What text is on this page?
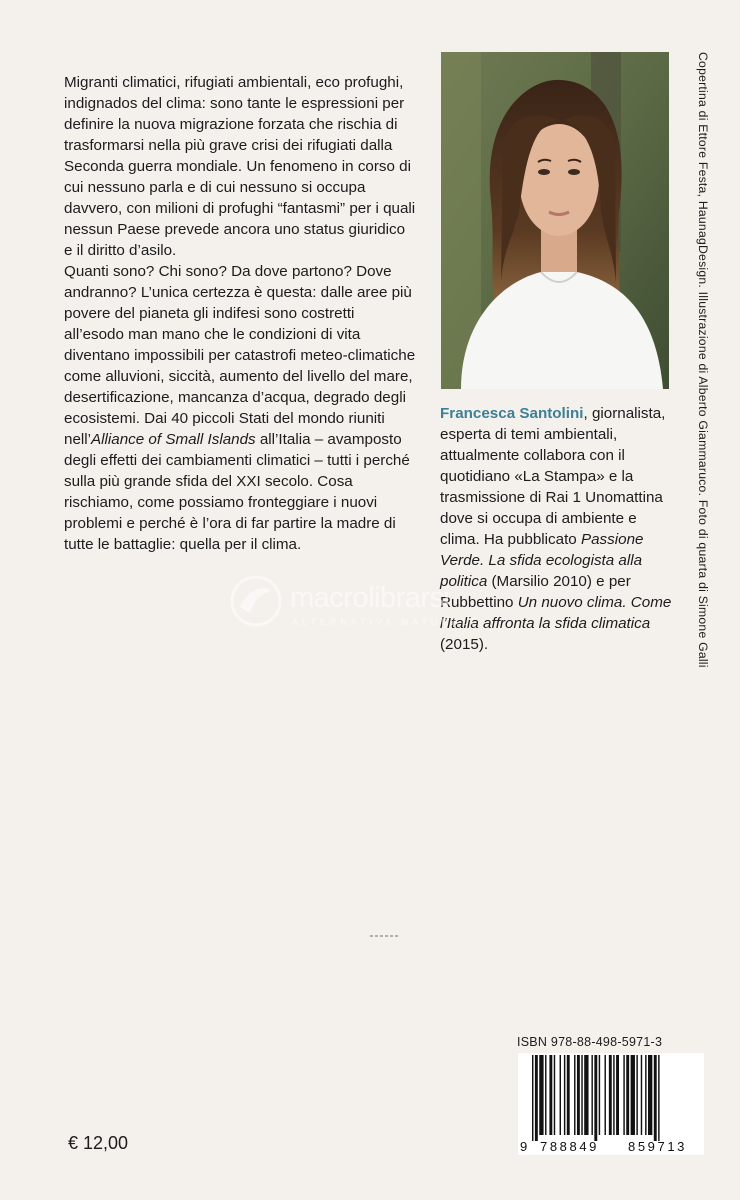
Migranti climatici, rifugiati ambientali, eco profughi, indignados del clima: sono tante le espressioni per definire la nuova migrazione forzata che rischia di trasformarsi nella più grave crisi dei rifugiati dalla Seconda guerra mondiale. Un fenomeno in corso di cui nessuno parla e di cui nessuno si occupa davvero, con milioni di profughi “fantasmi” per i quali nessun Paese prevede ancora uno status giuridico e il diritto d’asilo.

Quanti sono? Chi sono? Da dove partono? Dove andranno? L’unica certezza è questa: dalle aree più povere del pianeta gli indifesi sono costretti all’esodo man mano che le condizioni di vita diventano impossibili per catastrofi meteo-climatiche come alluvioni, siccità, aumento del livello del mare, desertificazione, mancanza d’acqua, degrado degli ecosistemi. Dai 40 piccoli Stati del mondo riuniti nell’Alliance of Small Islands all’Italia – avamposto degli effetti dei cambiamenti climatici – tutti i perché sulla più grande sfida del XXI secolo. Cosa rischiamo, come possiamo fronteggiare i nuovi problemi e perché è l’ora di far partire la madre di tutte le battaglie: quella per il clima.

Francesca Santolini, giornalista, esperta di temi ambientali, attualmente collabora con il quotidiano «La Stampa» e la trasmissione di Rai 1 Unomattina dove si occupa di ambiente e clima. Ha pubblicato Passione Verde. La sfida ecologista alla politica (Marsilio 2010) e per Rubbettino Un nuovo clima. Come l’Italia affronta la sfida climatica (2015).	Copertina di Ettore Festa, HaunagDesign. Illustrazione di Alberto Giammaruco. Foto di quarta di Simone Galli
macrolibrarsi
ALTERNATIVA NATURALE
ISBN 978-88-498-5971-3
9 788849 859713
€ 12,00
